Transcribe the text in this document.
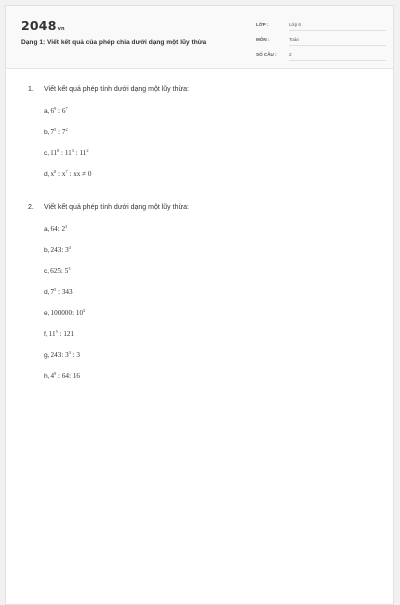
2048vn
Dạng 1: Viết kết quả của phép chia dưới dạng một lũy thừa
LỚP :	Lớp 6
MÔN :	Toán
SỐ CÂU :	2
1. Viết kết quả phép tính dưới dạng một lũy thừa:
$a,6^9$ : $6^7$
$b,7^5$ : $7^2$
$c,11^8$ : $11^3$ : $11^2$
$d,x^8$ : $x^7$ : xx ≠ 0
2. Viết kết quả phép tính dưới dạng một lũy thừa:
a,64: $2^3$
b,243: $3^4$
c,625: $5^3$
$d,7^5$ : 343
e,100000: $10^3$
$f,11^5$ : 121
g,243: $3^3$ : 3
$h,4^9$ : 64: 16
